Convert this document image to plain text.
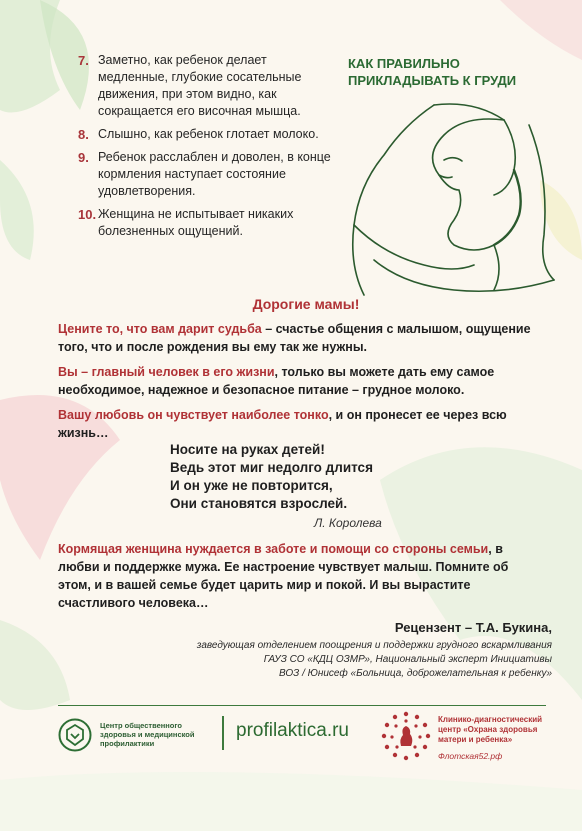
7. Заметно, как ребенок делает медленные, глубокие сосательные движения, при этом видно, как сокращается его височная мышца.
8. Слышно, как ребенок глотает молоко.
9. Ребенок расслаблен и доволен, в конце кормления наступает состояние удовлетворения.
10. Женщина не испытывает никаких болезненных ощущений.
КАК ПРАВИЛЬНО ПРИКЛАДЫВАТЬ К ГРУДИ
Дорогие мамы!

Цените то, что вам дарит судьба – счастье общения с малышом, ощущение того, что и после рождения вы ему так же нужны.

Вы – главный человек в его жизни, только вы можете дать ему самое необходимое, надежное и безопасное питание – грудное молоко.

Вашу любовь он чувствует наиболее тонко, и он пронесет ее через всю жизнь…

Носите на руках детей!
Ведь этот миг недолго длится
И он уже не повторится,
Они становятся взрослей.
Л. Королева

Кормящая женщина нуждается в заботе и помощи со стороны семьи, в любви и поддержке мужа. Ее настроение чувствует малыш. Помните об этом, и в вашей семье будет царить мир и покой. И вы вырастите счастливого человека…

Рецензент – Т.А. Букина,
заведующая отделением поощрения и поддержки грудного вскармливания
ГАУЗ СО «КДЦ ОЗМР», Национальный эксперт Инициативы
ВОЗ / Юнисеф «Больница, доброжелательная к ребенку»
Центр общественного здоровья и медицинской профилактики
profilaktica.ru
Клинико-диагностический центр «Охрана здоровья матери и ребенка»
Флотская52.рф
